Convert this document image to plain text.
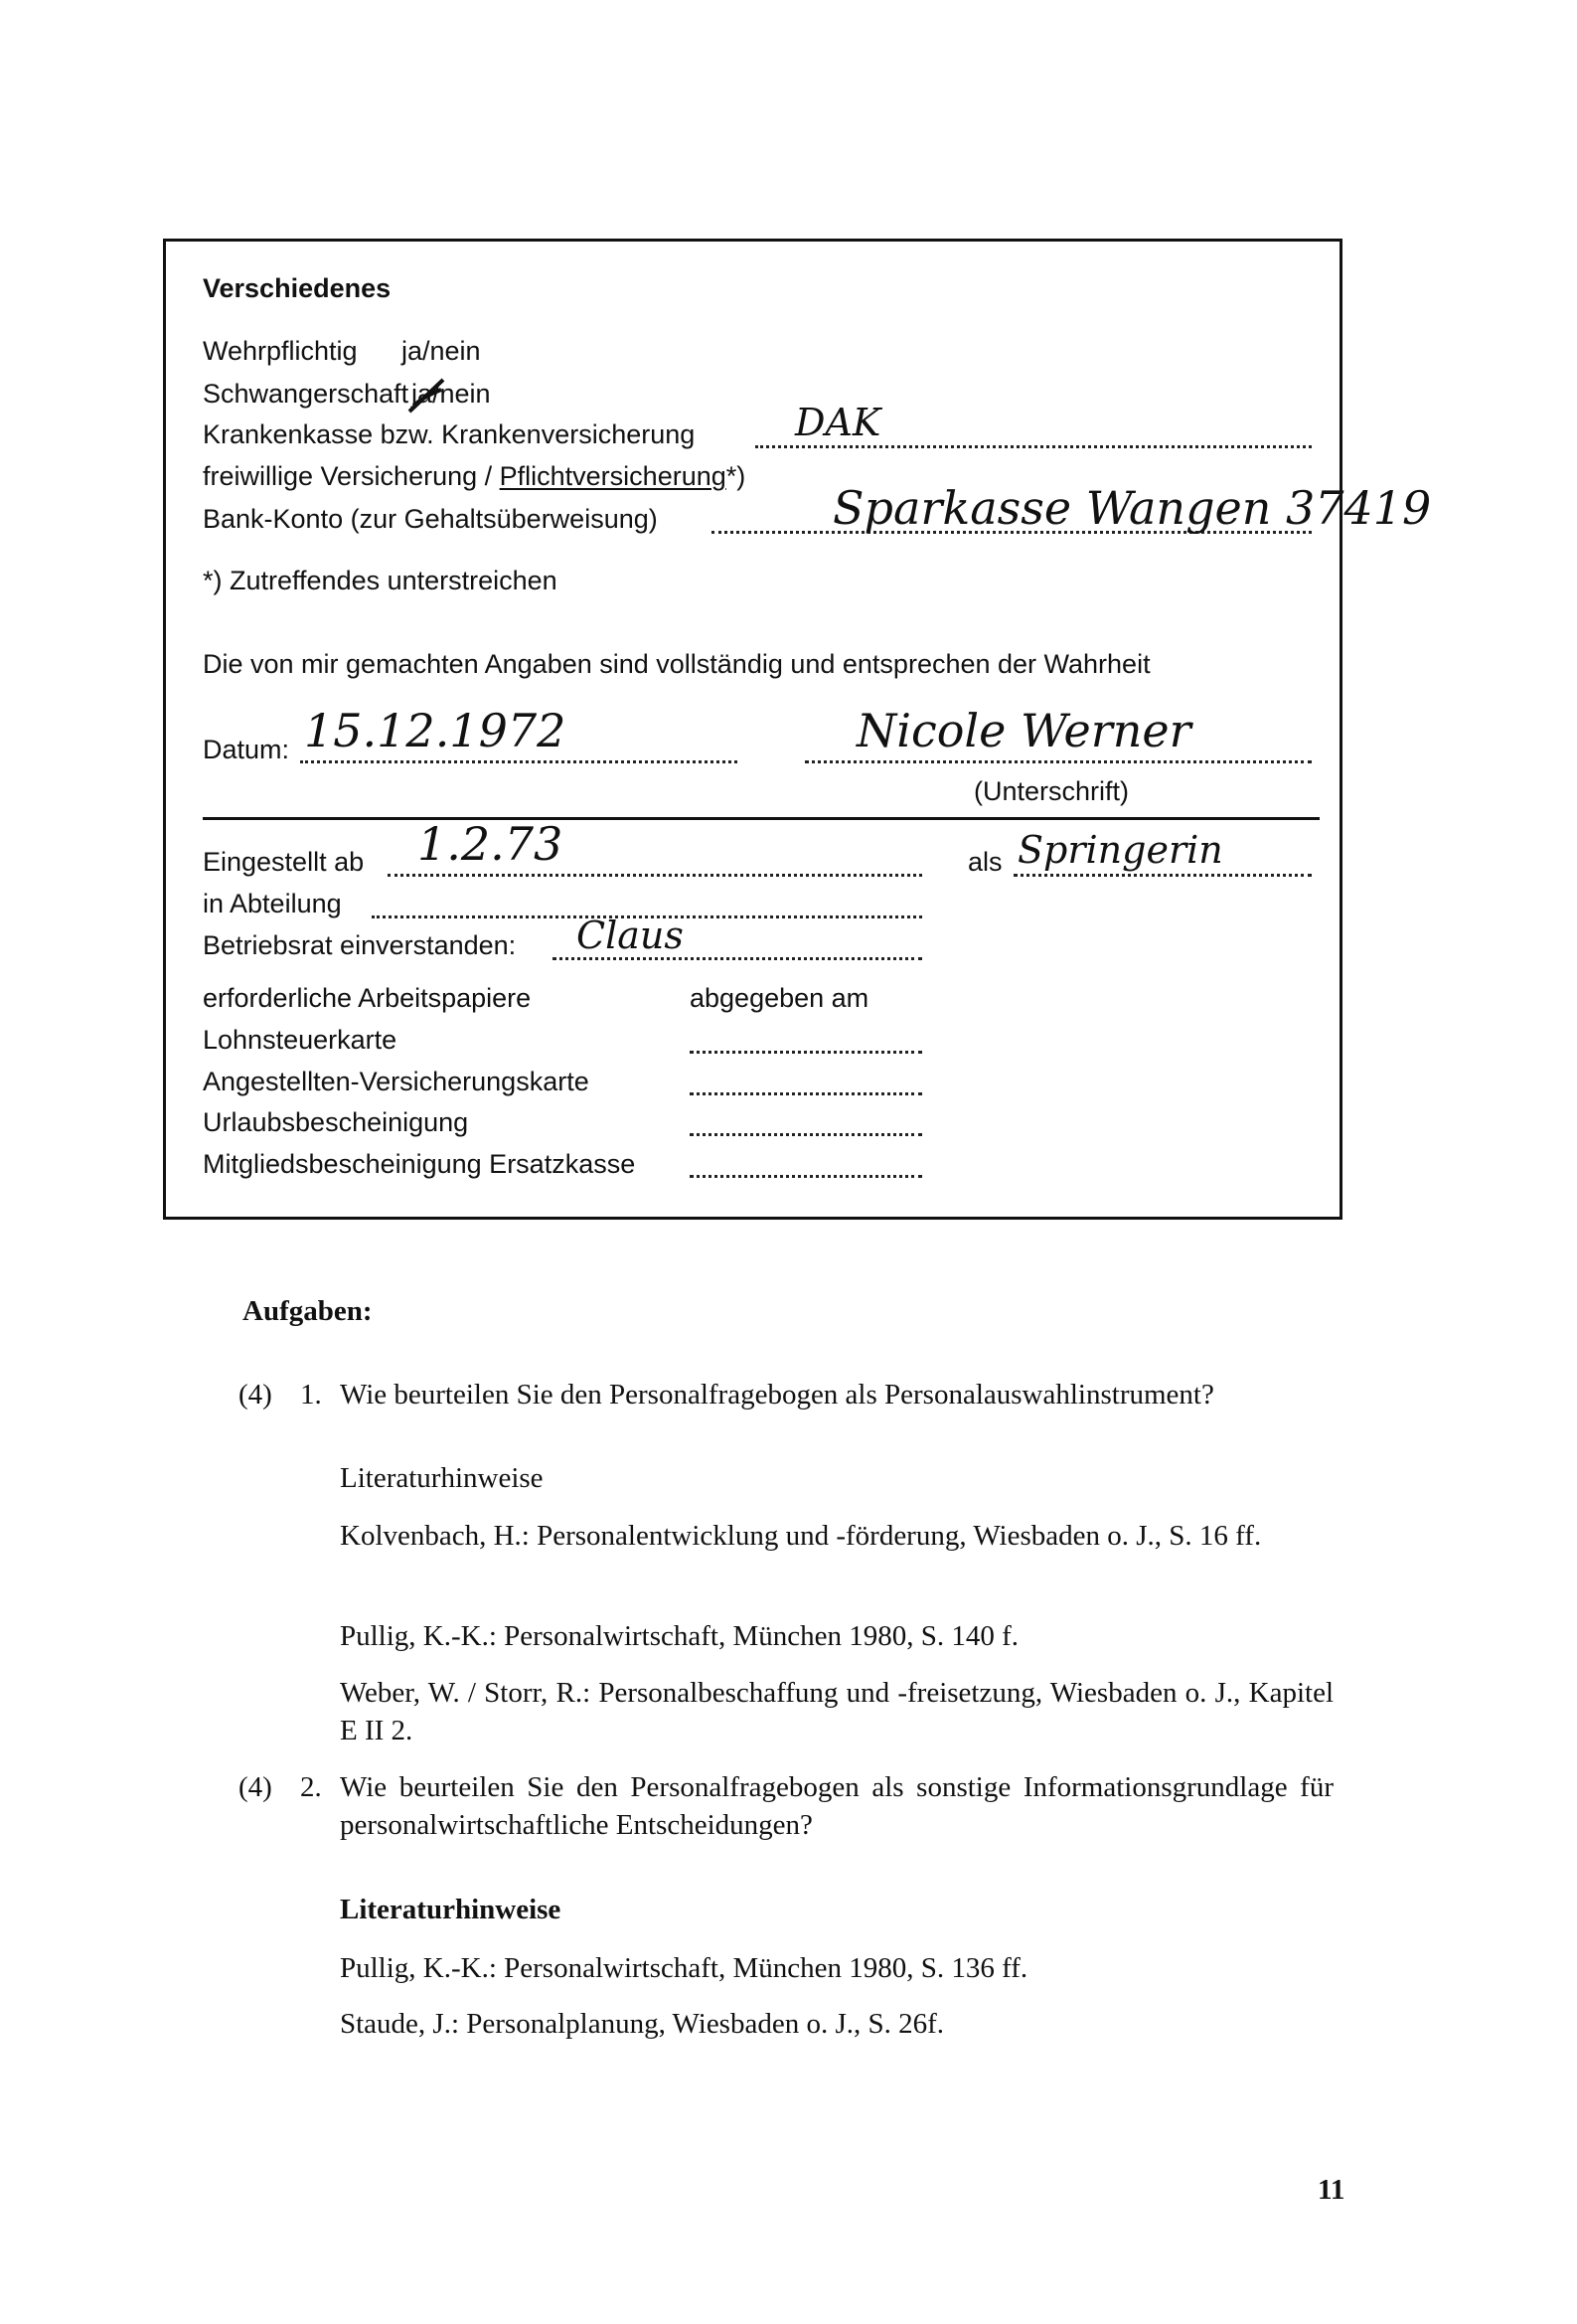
Verschiedenes
Wehrpflichtig ja/nein
Schwangerschaft ja/nein
Krankenkasse bzw. Krankenversicherung	DAK
freiwillige Versicherung / Pflichtversicherung*)
Bank-Konto (zur Gehaltsüberweisung)	Sparkasse Wangen 37419
*) Zutreffendes unterstreichen
Die von mir gemachten Angaben sind vollständig und entsprechen der Wahrheit
Datum: 15.12.1972	Nicole Werner
(Unterschrift)
Eingestellt ab 1.2.73	als Springerin
in Abteilung
Betriebsrat einverstanden: Claus
erforderliche Arbeitspapiere	abgegeben am
Lohnsteuerkarte
Angestellten-Versicherungskarte
Urlaubsbescheinigung
Mitgliedsbescheinigung Ersatzkasse
Aufgaben:
(4) 1. Wie beurteilen Sie den Personalfragebogen als Personalauswahlinstrument?
Literaturhinweise
Kolvenbach, H.: Personalentwicklung und -förderung, Wiesbaden o. J., S. 16 ff.
Pullig, K.-K.: Personalwirtschaft, München 1980, S. 140 f.
Weber, W. / Storr, R.: Personalbeschaffung und -freisetzung, Wiesbaden o. J., Kapitel E II 2.
(4) 2. Wie beurteilen Sie den Personalfragebogen als sonstige Informationsgrundlage für personalwirtschaftliche Entscheidungen?
Literaturhinweise
Pullig, K.-K.: Personalwirtschaft, München 1980, S. 136 ff.
Staude, J.: Personalplanung, Wiesbaden o. J., S. 26f.
11
